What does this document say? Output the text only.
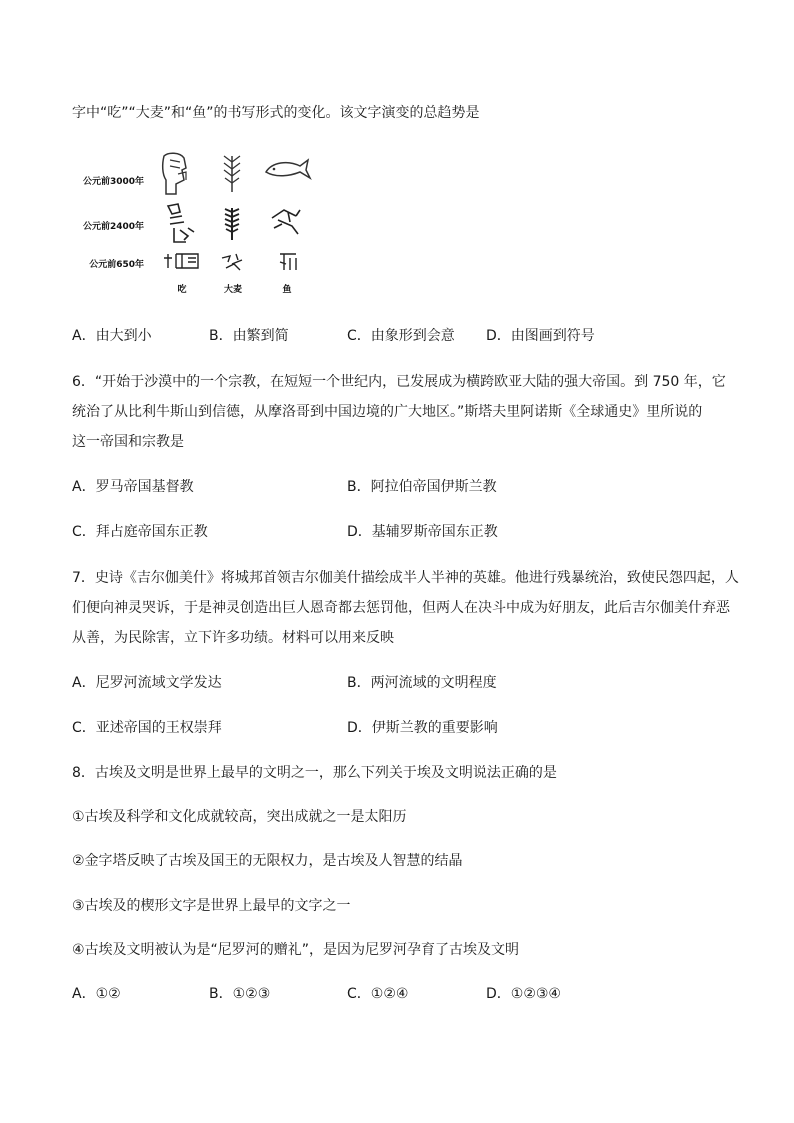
字中“吃”“大麦”和“鱼”的书写形式的变化。该文字演变的总趋势是
公元前3000年
公元前2400年
公元前650年
吃	大麦	鱼
A．由大到小	B．由繁到简	C．由象形到会意 D．由图画到符号
6．“开始于沙漠中的一个宗教，在短短一个世纪内，已发展成为横跨欧亚大陆的强大帝国。到 750 年，它
统治了从比利牛斯山到信德，从摩洛哥到中国边境的广大地区。”斯塔夫里阿诺斯《全球通史》里所说的
这一帝国和宗教是
A．罗马帝国基督教	B．阿拉伯帝国伊斯兰教
C．拜占庭帝国东正教	D．基辅罗斯帝国东正教
7．史诗《吉尔伽美什》将城邦首领吉尔伽美什描绘成半人半神的英雄。他进行残暴统治，致使民怨四起，人
们便向神灵哭诉，于是神灵创造出巨人恩奇都去惩罚他，但两人在决斗中成为好朋友，此后吉尔伽美什弃恶
从善，为民除害，立下许多功绩。材料可以用来反映
A．尼罗河流域文学发达	B．两河流域的文明程度
C．亚述帝国的王权崇拜	D．伊斯兰教的重要影响
8．古埃及文明是世界上最早的文明之一，那么下列关于埃及文明说法正确的是
①古埃及科学和文化成就较高，突出成就之一是太阳历
②金字塔反映了古埃及国王的无限权力，是古埃及人智慧的结晶
③古埃及的楔形文字是世界上最早的文字之一
④古埃及文明被认为是“尼罗河的赠礼”，是因为尼罗河孕育了古埃及文明
A．①②	B．①②③	C．①②④	D．①②③④
